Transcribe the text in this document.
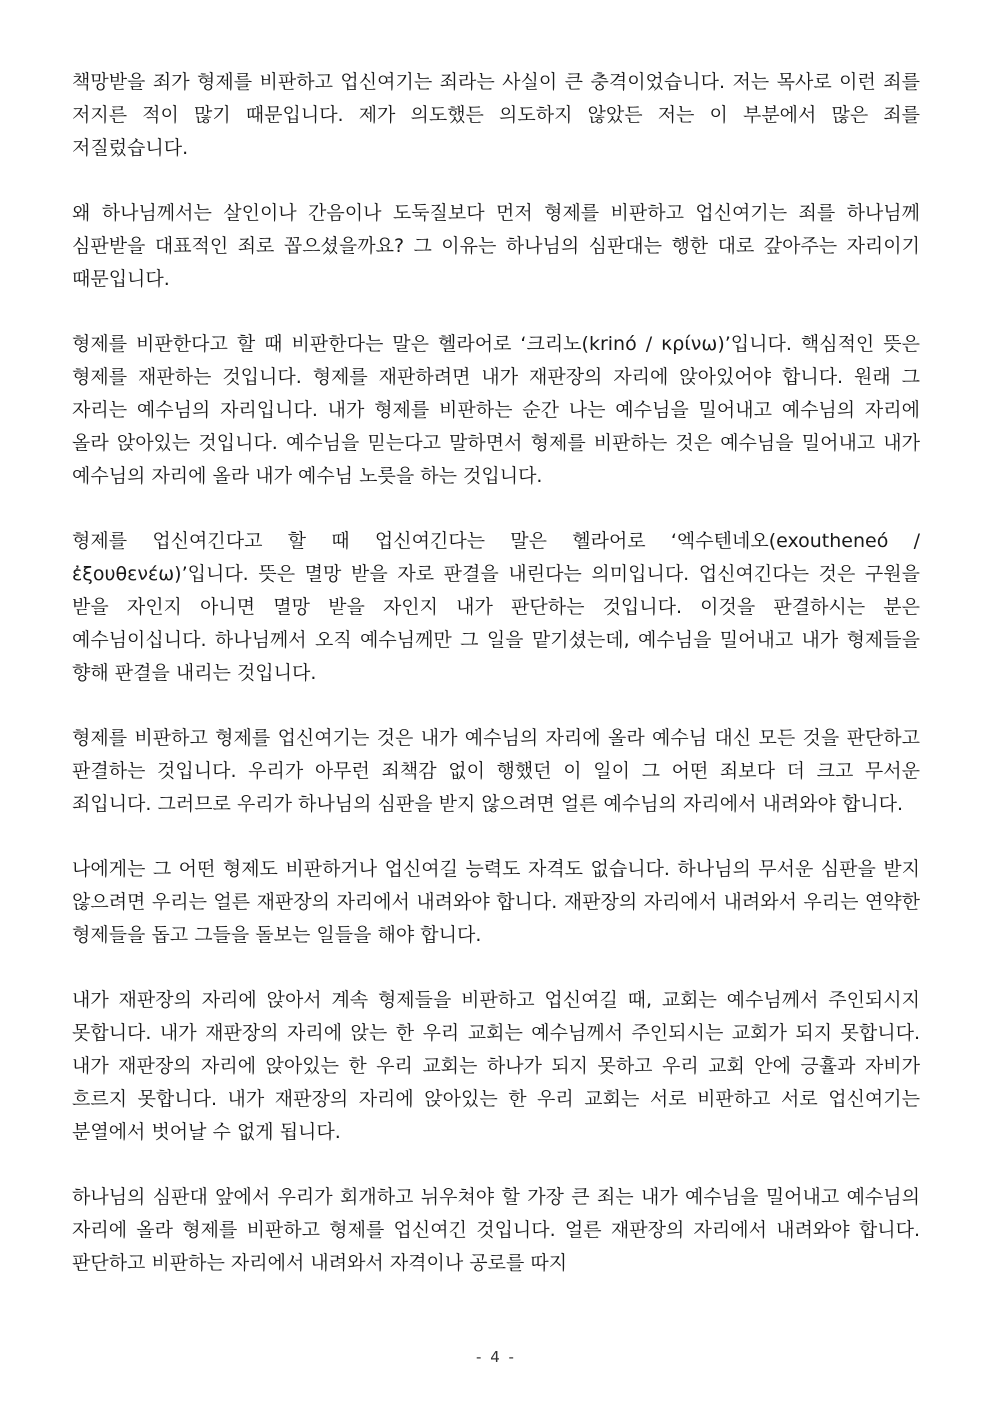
책망받을 죄가 형제를 비판하고 업신여기는 죄라는 사실이 큰 충격이었습니다. 저는 목사로 이런 죄를 저지른 적이 많기 때문입니다. 제가 의도했든 의도하지 않았든 저는 이 부분에서 많은 죄를 저질렀습니다.

왜 하나님께서는 살인이나 간음이나 도둑질보다 먼저 형제를 비판하고 업신여기는 죄를 하나님께 심판받을 대표적인 죄로 꼽으셨을까요? 그 이유는 하나님의 심판대는 행한 대로 갚아주는 자리이기 때문입니다.

형제를 비판한다고 할 때 비판한다는 말은 헬라어로 ‘크리노(krinó / κρίνω)’입니다. 핵심적인 뜻은 형제를 재판하는 것입니다. 형제를 재판하려면 내가 재판장의 자리에 앉아있어야 합니다. 원래 그 자리는 예수님의 자리입니다. 내가 형제를 비판하는 순간 나는 예수님을 밀어내고 예수님의 자리에 올라 앉아있는 것입니다. 예수님을 믿는다고 말하면서 형제를 비판하는 것은 예수님을 밀어내고 내가 예수님의 자리에 올라 내가 예수님 노릇을 하는 것입니다.

형제를 업신여긴다고 할 때 업신여긴다는 말은 헬라어로 ‘엑수텐네오(exoutheneó / ἐξουθενέω)’입니다. 뜻은 멸망 받을 자로 판결을 내린다는 의미입니다. 업신여긴다는 것은 구원을 받을 자인지 아니면 멸망 받을 자인지 내가 판단하는 것입니다. 이것을 판결하시는 분은 예수님이십니다. 하나님께서 오직 예수님께만 그 일을 맡기셨는데, 예수님을 밀어내고 내가 형제들을 향해 판결을 내리는 것입니다.

형제를 비판하고 형제를 업신여기는 것은 내가 예수님의 자리에 올라 예수님 대신 모든 것을 판단하고 판결하는 것입니다. 우리가 아무런 죄책감 없이 행했던 이 일이 그 어떤 죄보다 더 크고 무서운 죄입니다. 그러므로 우리가 하나님의 심판을 받지 않으려면 얼른 예수님의 자리에서 내려와야 합니다.

나에게는 그 어떤 형제도 비판하거나 업신여길 능력도 자격도 없습니다. 하나님의 무서운 심판을 받지 않으려면 우리는 얼른 재판장의 자리에서 내려와야 합니다. 재판장의 자리에서 내려와서 우리는 연약한 형제들을 돕고 그들을 돌보는 일들을 해야 합니다.

내가 재판장의 자리에 앉아서 계속 형제들을 비판하고 업신여길 때, 교회는 예수님께서 주인되시지 못합니다. 내가 재판장의 자리에 앉는 한 우리 교회는 예수님께서 주인되시는 교회가 되지 못합니다. 내가 재판장의 자리에 앉아있는 한 우리 교회는 하나가 되지 못하고 우리 교회 안에 긍휼과 자비가 흐르지 못합니다. 내가 재판장의 자리에 앉아있는 한 우리 교회는 서로 비판하고 서로 업신여기는 분열에서 벗어날 수 없게 됩니다.

하나님의 심판대 앞에서 우리가 회개하고 뉘우쳐야 할 가장 큰 죄는 내가 예수님을 밀어내고 예수님의 자리에 올라 형제를 비판하고 형제를 업신여긴 것입니다. 얼른 재판장의 자리에서 내려와야 합니다. 판단하고 비판하는 자리에서 내려와서 자격이나 공로를 따지

- 4 -
